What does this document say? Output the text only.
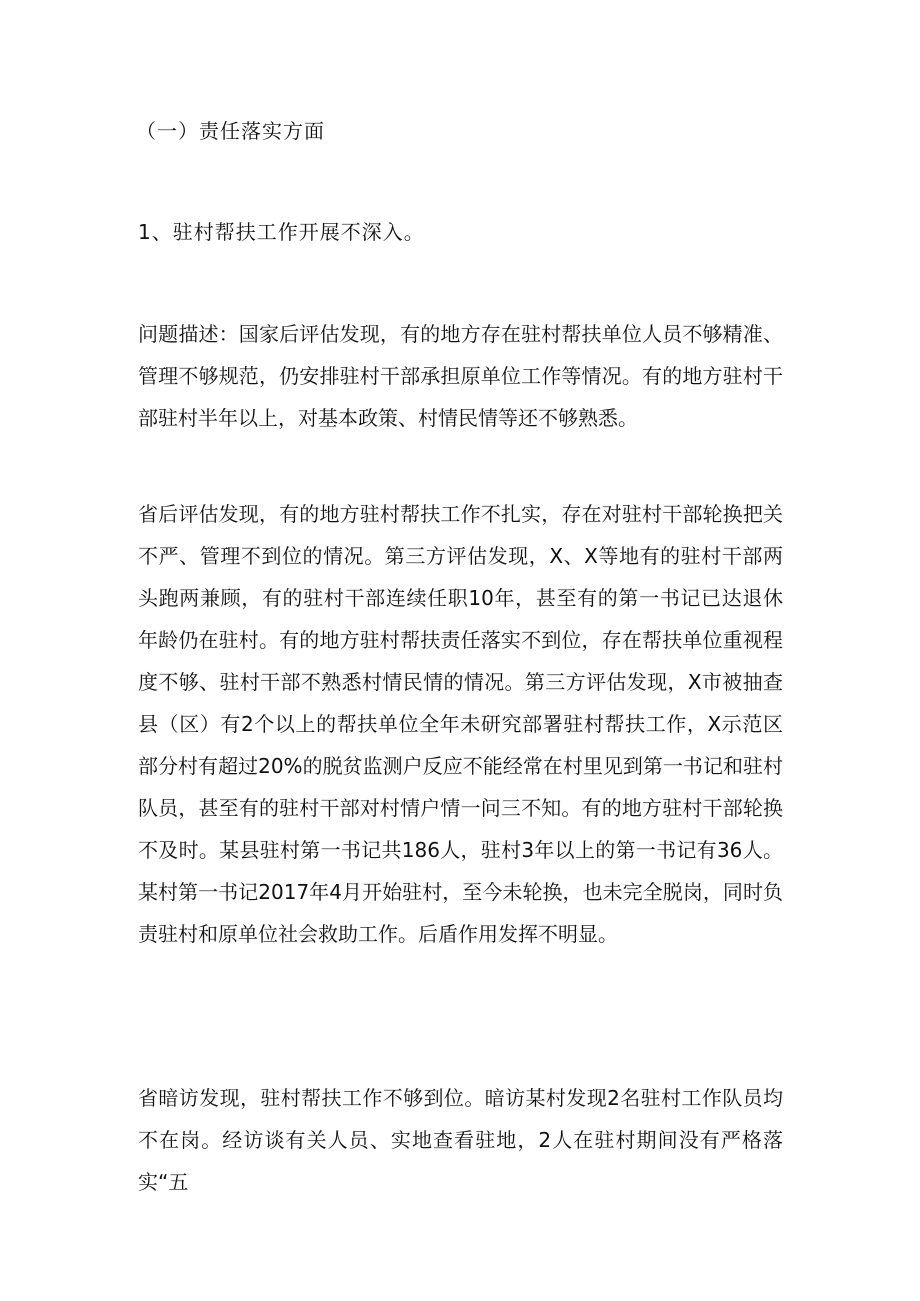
（一）责任落实方面
1、驻村帮扶工作开展不深入。

问题描述：国家后评估发现，有的地方存在驻村帮扶单位人员不够精准、管理不够规范，仍安排驻村干部承担原单位工作等情况。有的地方驻村干部驻村半年以上，对基本政策、村情民情等还不够熟悉。

省后评估发现，有的地方驻村帮扶工作不扎实，存在对驻村干部轮换把关不严、管理不到位的情况。第三方评估发现，X、X等地有的驻村干部两头跑两兼顾，有的驻村干部连续任职10年，甚至有的第一书记已达退休年龄仍在驻村。有的地方驻村帮扶责任落实不到位，存在帮扶单位重视程度不够、驻村干部不熟悉村情民情的情况。第三方评估发现，X市被抽查县（区）有2个以上的帮扶单位全年未研究部署驻村帮扶工作，X示范区部分村有超过20%的脱贫监测户反应不能经常在村里见到第一书记和驻村队员，甚至有的驻村干部对村情户情一问三不知。有的地方驻村干部轮换不及时。某县驻村第一书记共186人，驻村3年以上的第一书记有36人。某村第一书记2017年4月开始驻村，至今未轮换，也未完全脱岗，同时负责驻村和原单位社会救助工作。后盾作用发挥不明显。

省暗访发现，驻村帮扶工作不够到位。暗访某村发现2名驻村工作队员均不在岗。经访谈有关人员、实地查看驻地，2人在驻村期间没有严格落实“五
